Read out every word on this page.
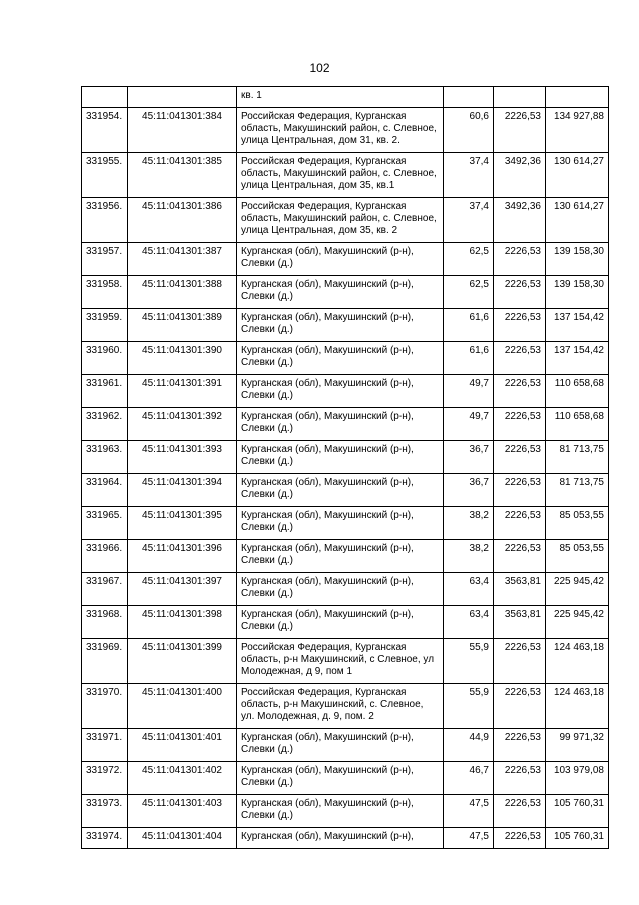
102
		кв. 1			
331954.	45:11:041301:384	Российская Федерация, Курганская область, Макушинский район, с. Слевное, улица Центральная, дом 31, кв. 2.	60,6	2226,53	134 927,88
331955.	45:11:041301:385	Российская Федерация, Курганская область, Макушинский район, с. Слевное, улица Центральная, дом 35, кв.1	37,4	3492,36	130 614,27
331956.	45:11:041301:386	Российская Федерация, Курганская область, Макушинский район, с. Слевное, улица Центральная, дом 35, кв. 2	37,4	3492,36	130 614,27
331957.	45:11:041301:387	Курганская (обл), Макушинский (р-н), Слевки (д.)	62,5	2226,53	139 158,30
331958.	45:11:041301:388	Курганская (обл), Макушинский (р-н), Слевки (д.)	62,5	2226,53	139 158,30
331959.	45:11:041301:389	Курганская (обл), Макушинский (р-н), Слевки (д.)	61,6	2226,53	137 154,42
331960.	45:11:041301:390	Курганская (обл), Макушинский (р-н), Слевки (д.)	61,6	2226,53	137 154,42
331961.	45:11:041301:391	Курганская (обл), Макушинский (р-н), Слевки (д.)	49,7	2226,53	110 658,68
331962.	45:11:041301:392	Курганская (обл), Макушинский (р-н), Слевки (д.)	49,7	2226,53	110 658,68
331963.	45:11:041301:393	Курганская (обл), Макушинский (р-н), Слевки (д.)	36,7	2226,53	81 713,75
331964.	45:11:041301:394	Курганская (обл), Макушинский (р-н), Слевки (д.)	36,7	2226,53	81 713,75
331965.	45:11:041301:395	Курганская (обл), Макушинский (р-н), Слевки (д.)	38,2	2226,53	85 053,55
331966.	45:11:041301:396	Курганская (обл), Макушинский (р-н), Слевки (д.)	38,2	2226,53	85 053,55
331967.	45:11:041301:397	Курганская (обл), Макушинский (р-н), Слевки (д.)	63,4	3563,81	225 945,42
331968.	45:11:041301:398	Курганская (обл), Макушинский (р-н), Слевки (д.)	63,4	3563,81	225 945,42
331969.	45:11:041301:399	Российская Федерация, Курганская область, р-н Макушинский, с Слевное, ул Молодежная, д 9, пом 1	55,9	2226,53	124 463,18
331970.	45:11:041301:400	Российская Федерация, Курганская область, р-н Макушинский, с. Слевное, ул. Молодежная, д. 9, пом. 2	55,9	2226,53	124 463,18
331971.	45:11:041301:401	Курганская (обл), Макушинский (р-н), Слевки (д.)	44,9	2226,53	99 971,32
331972.	45:11:041301:402	Курганская (обл), Макушинский (р-н), Слевки (д.)	46,7	2226,53	103 979,08
331973.	45:11:041301:403	Курганская (обл), Макушинский (р-н), Слевки (д.)	47,5	2226,53	105 760,31
331974.	45:11:041301:404	Курганская (обл), Макушинский (р-н),	47,5	2226,53	105 760,31
